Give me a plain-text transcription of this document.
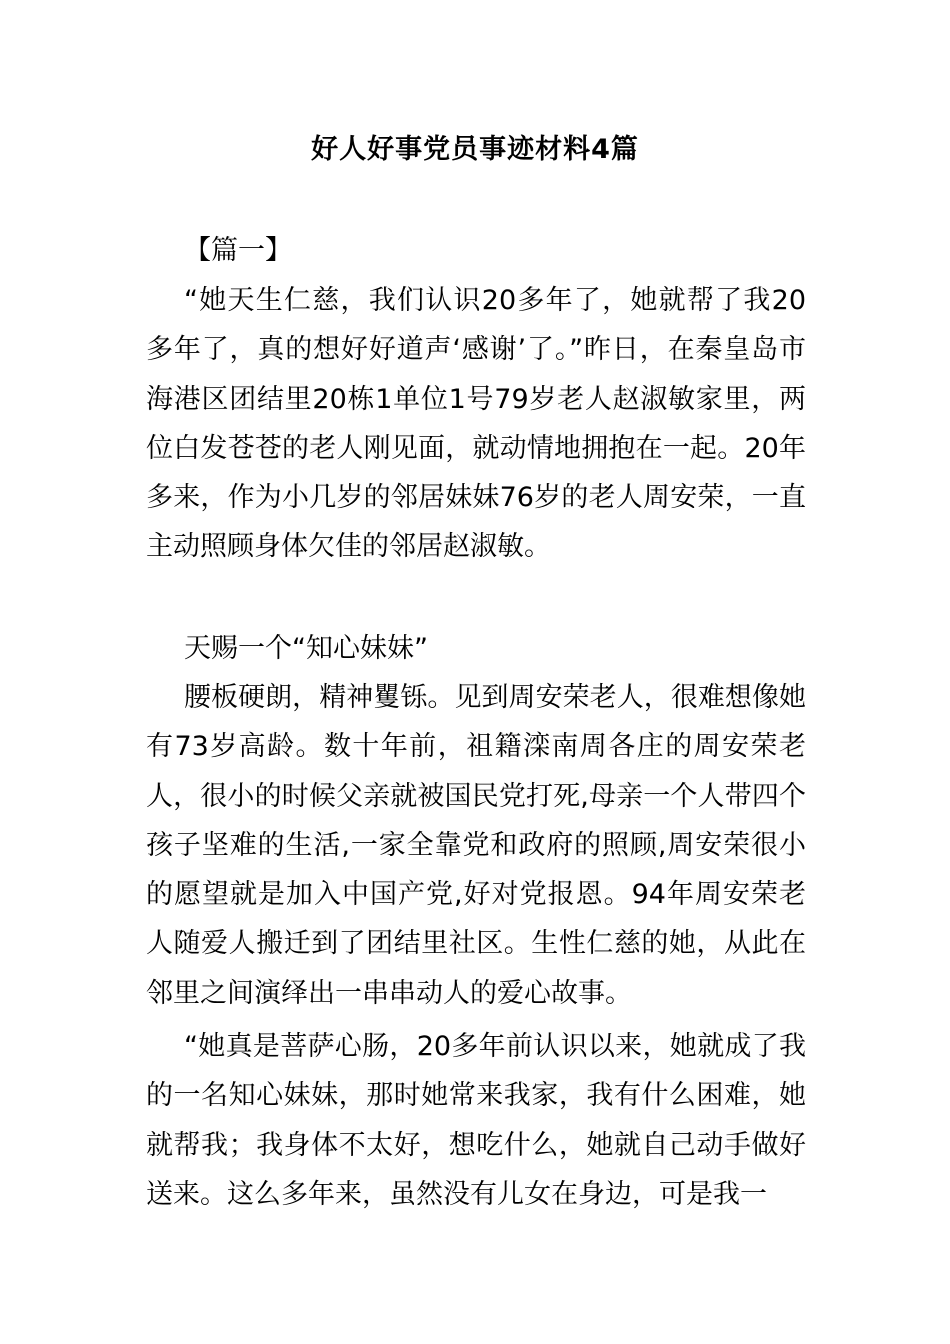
好人好事党员事迹材料4篇
【篇一】
“她天生仁慈，我们认识20多年了，她就帮了我20多年了，真的想好好道声‘感谢’了。”昨日，在秦皇岛市海港区团结里20栋1单位1号79岁老人赵淑敏家里，两位白发苍苍的老人刚见面，就动情地拥抱在一起。20年多来，作为小几岁的邻居妹妹76岁的老人周安荣，一直主动照顾身体欠佳的邻居赵淑敏。
天赐一个“知心妹妹”
腰板硬朗，精神矍铄。见到周安荣老人，很难想像她有73岁高龄。数十年前，祖籍滦南周各庄的周安荣老人，很小的时候父亲就被国民党打死,母亲一个人带四个孩子坚难的生活,一家全靠党和政府的照顾,周安荣很小的愿望就是加入中国产党,好对党报恩。94年周安荣老人随爱人搬迁到了团结里社区。生性仁慈的她，从此在邻里之间演绎出一串串动人的爱心故事。
“她真是菩萨心肠，20多年前认识以来，她就成了我的一名知心妹妹，那时她常来我家，我有什么困难，她就帮我；我身体不太好，想吃什么，她就自己动手做好送来。这么多年来，虽然没有儿女在身边，可是我一
